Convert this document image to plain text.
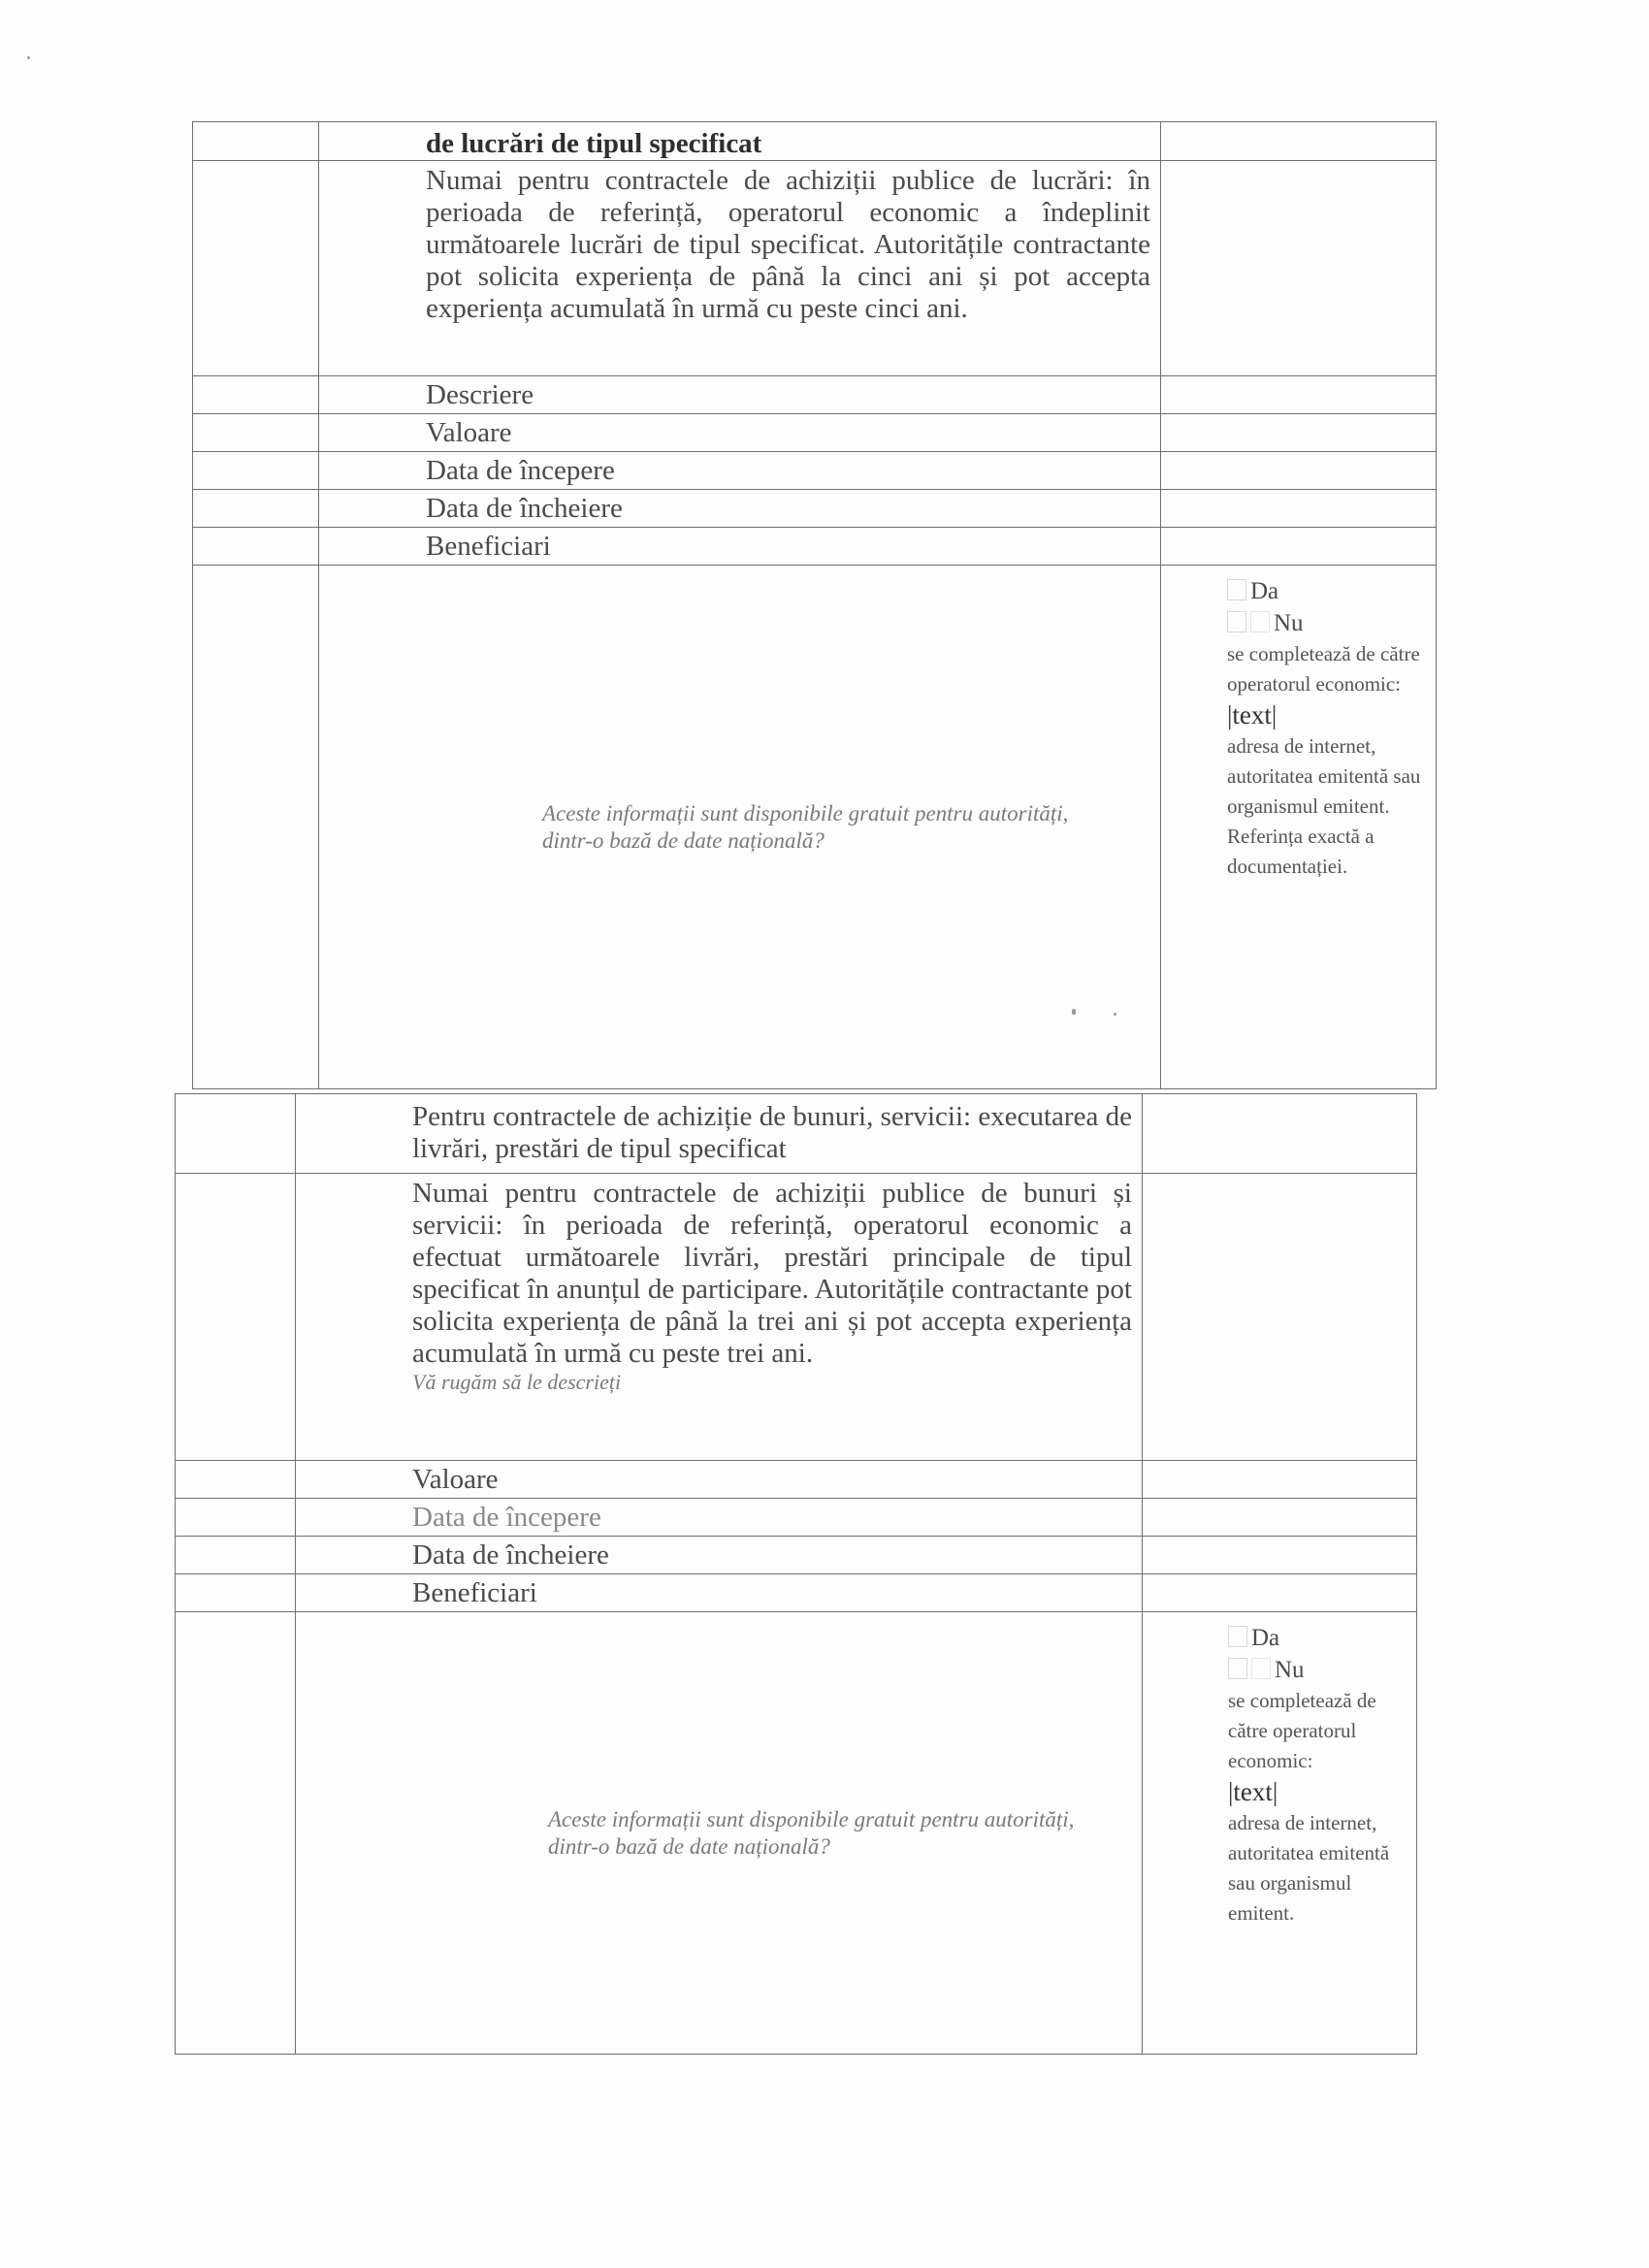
	de lucrări de tipul specificat	

	Numai pentru contractele de achiziții publice de lucrări: în perioada de referință, operatorul economic a îndeplinit următoarele lucrări de tipul specificat. Autoritățile contractante pot solicita experiența de până la cinci ani și pot accepta experiența acumulată în urmă cu peste cinci ani.	

	Descriere	

	Valoare	

	Data de începere	

	Data de încheiere	

	Beneficiari	

	Aceste informații sunt disponibile gratuit pentru autorități, dintr-o bază de date națională?	Da
Nu
se completează de către operatorul economic:
|text|
adresa de internet, autoritatea emitentă sau organismul emitent. Referința exactă a documentației.

	Pentru contractele de achiziție de bunuri, servicii: executarea de livrări, prestări de tipul specificat	

	Numai pentru contractele de achiziții publice de bunuri și servicii: în perioada de referință, operatorul economic a efectuat următoarele livrări, prestări principale de tipul specificat în anunțul de participare. Autoritățile contractante pot solicita experiența de până la trei ani și pot accepta experiența acumulată în urmă cu peste trei ani.
Vă rugăm să le descrieți	

	Valoare	

	Data de începere	

	Data de încheiere	

	Beneficiari	

	Aceste informații sunt disponibile gratuit pentru autorități, dintr-o bază de date națională?	Da
Nu
se completează de către operatorul economic:
|text|
adresa de internet, autoritatea emitentă sau organismul emitent.
